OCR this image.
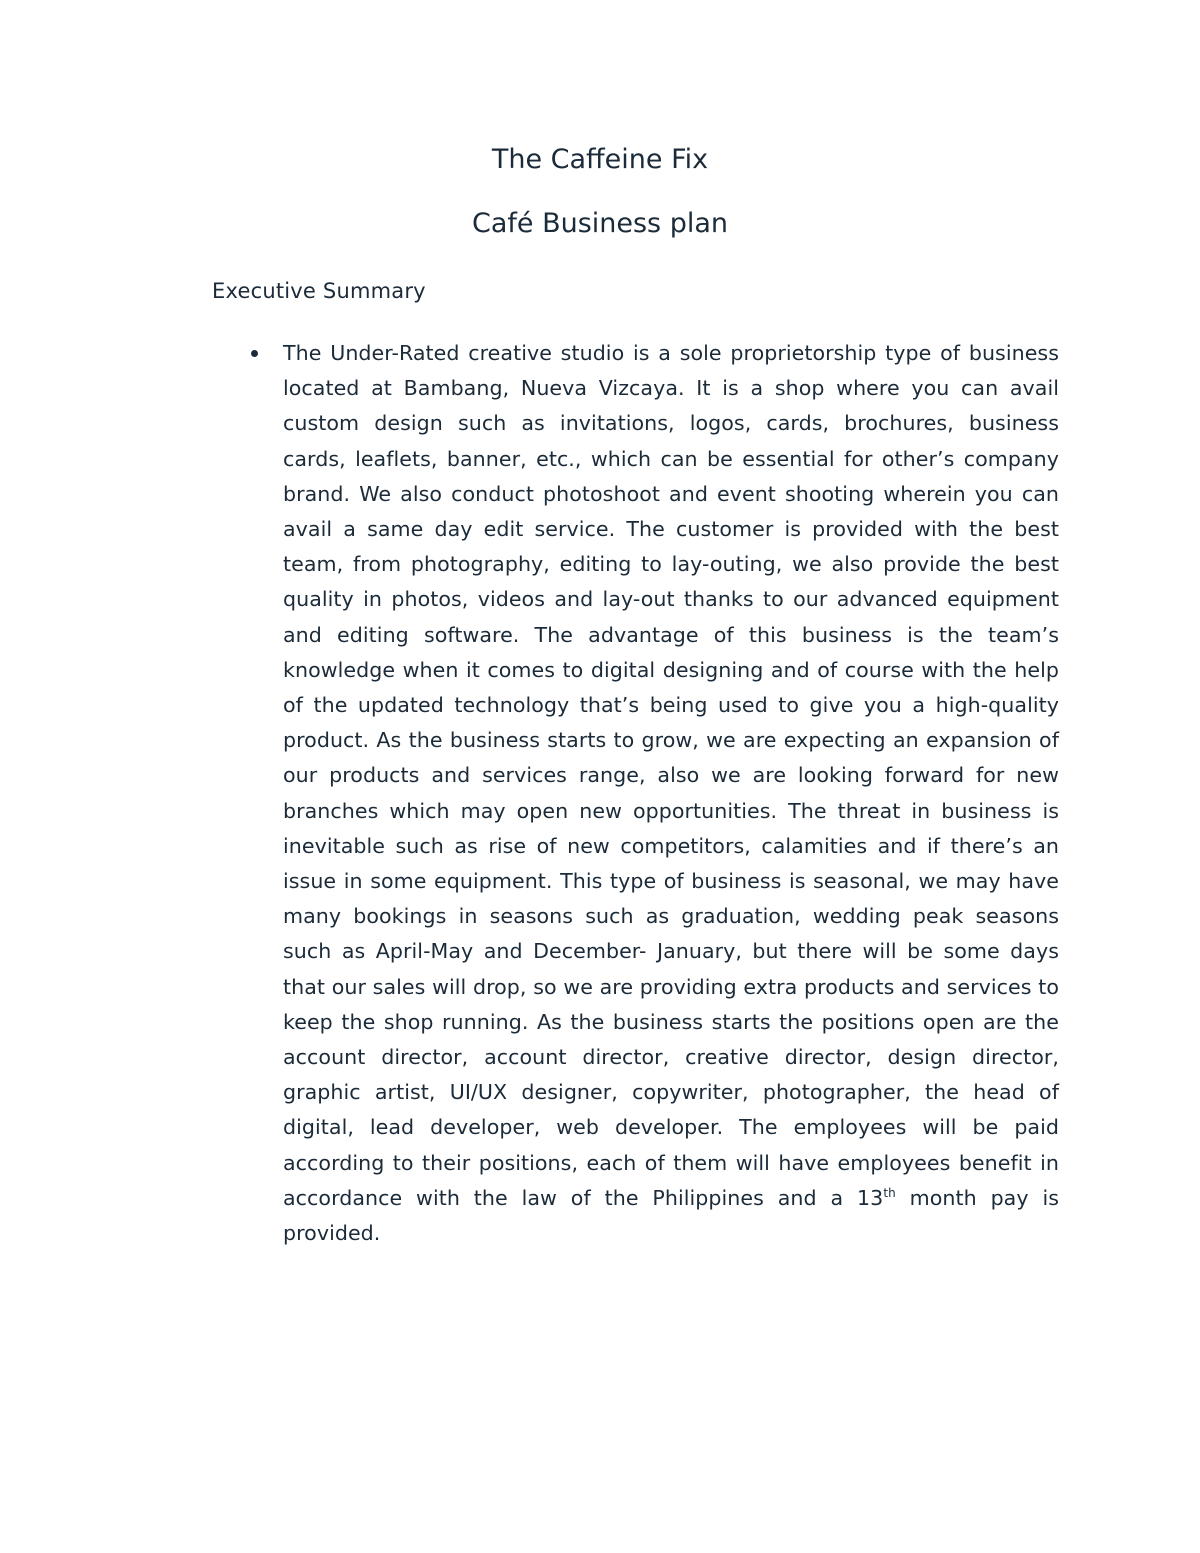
The Caffeine Fix
Café Business plan
Executive Summary
The Under-Rated creative studio is a sole proprietorship type of business located at Bambang, Nueva Vizcaya. It is a shop where you can avail custom design such as invitations, logos, cards, brochures, business cards, leaflets, banner, etc., which can be essential for other’s company brand. We also conduct photoshoot and event shooting wherein you can avail a same day edit service. The customer is provided with the best team, from photography, editing to lay-outing, we also provide the best quality in photos, videos and lay-out thanks to our advanced equipment and editing software. The advantage of this business is the team’s knowledge when it comes to digital designing and of course with the help of the updated technology that’s being used to give you a high-quality product. As the business starts to grow, we are expecting an expansion of our products and services range, also we are looking forward for new branches which may open new opportunities. The threat in business is inevitable such as rise of new competitors, calamities and if there’s an issue in some equipment. This type of business is seasonal, we may have many bookings in seasons such as graduation, wedding peak seasons such as April-May and December- January, but there will be some days that our sales will drop, so we are providing extra products and services to keep the shop running. As the business starts the positions open are the account director, account director, creative director, design director, graphic artist, UI/UX designer, copywriter, photographer, the head of digital, lead developer, web developer. The employees will be paid according to their positions, each of them will have employees benefit in accordance with the law of the Philippines and a 13th month pay is provided.
